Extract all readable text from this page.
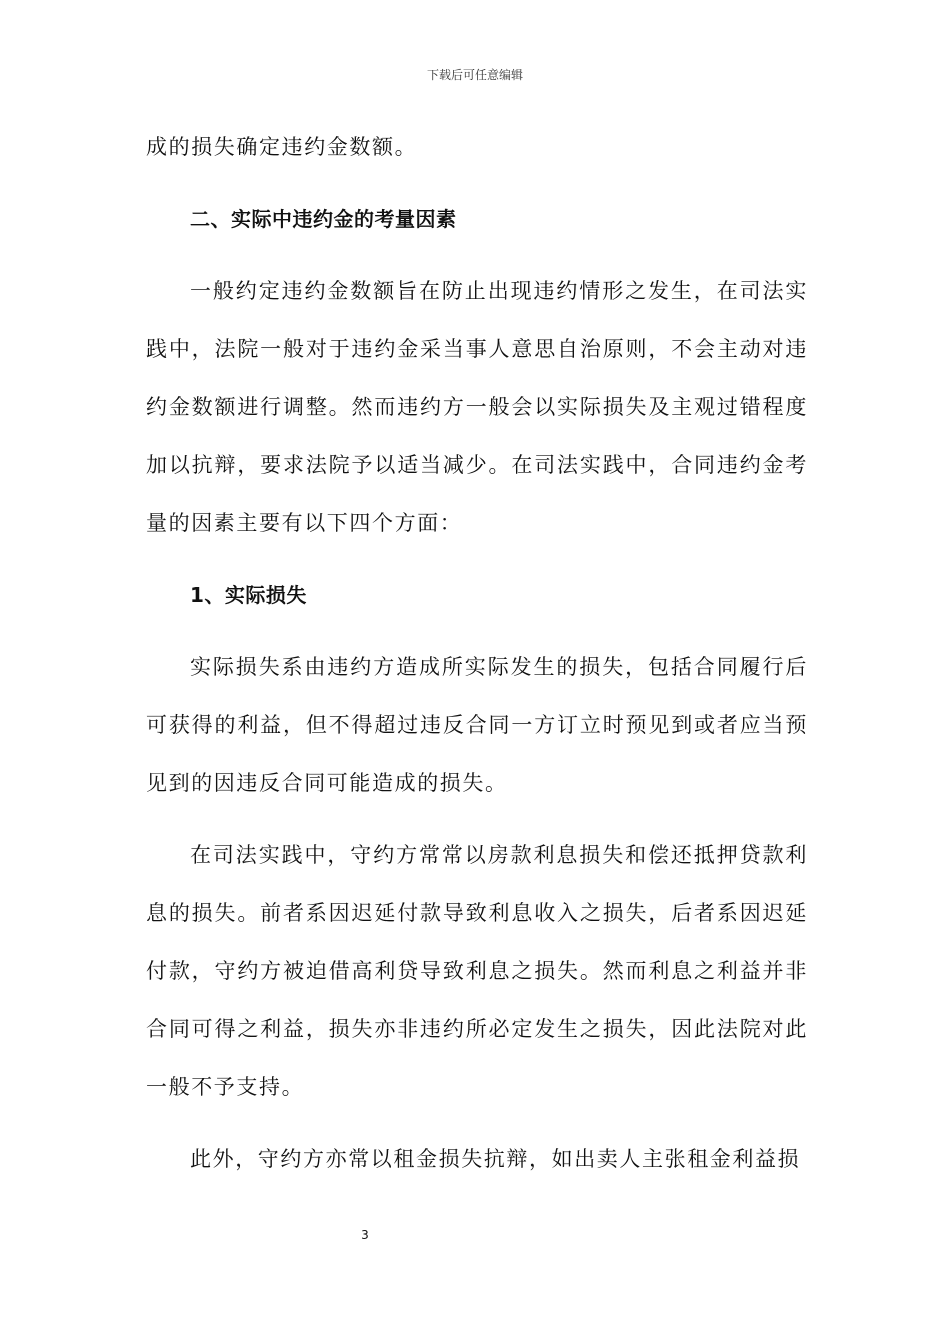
下载后可任意编辑

成的损失确定违约金数额。

二、实际中违约金的考量因素

一般约定违约金数额旨在防止出现违约情形之发生，在司法实践中，法院一般对于违约金采当事人意思自治原则，不会主动对违约金数额进行调整。然而违约方一般会以实际损失及主观过错程度加以抗辩，要求法院予以适当减少。在司法实践中，合同违约金考量的因素主要有以下四个方面：

1、实际损失

实际损失系由违约方造成所实际发生的损失，包括合同履行后可获得的利益，但不得超过违反合同一方订立时预见到或者应当预见到的因违反合同可能造成的损失。

在司法实践中，守约方常常以房款利息损失和偿还抵押贷款利息的损失。前者系因迟延付款导致利息收入之损失，后者系因迟延付款，守约方被迫借高利贷导致利息之损失。然而利息之利益并非合同可得之利益，损失亦非违约所必定发生之损失，因此法院对此一般不予支持。

此外，守约方亦常以租金损失抗辩，如出卖人主张租金利益损

3
